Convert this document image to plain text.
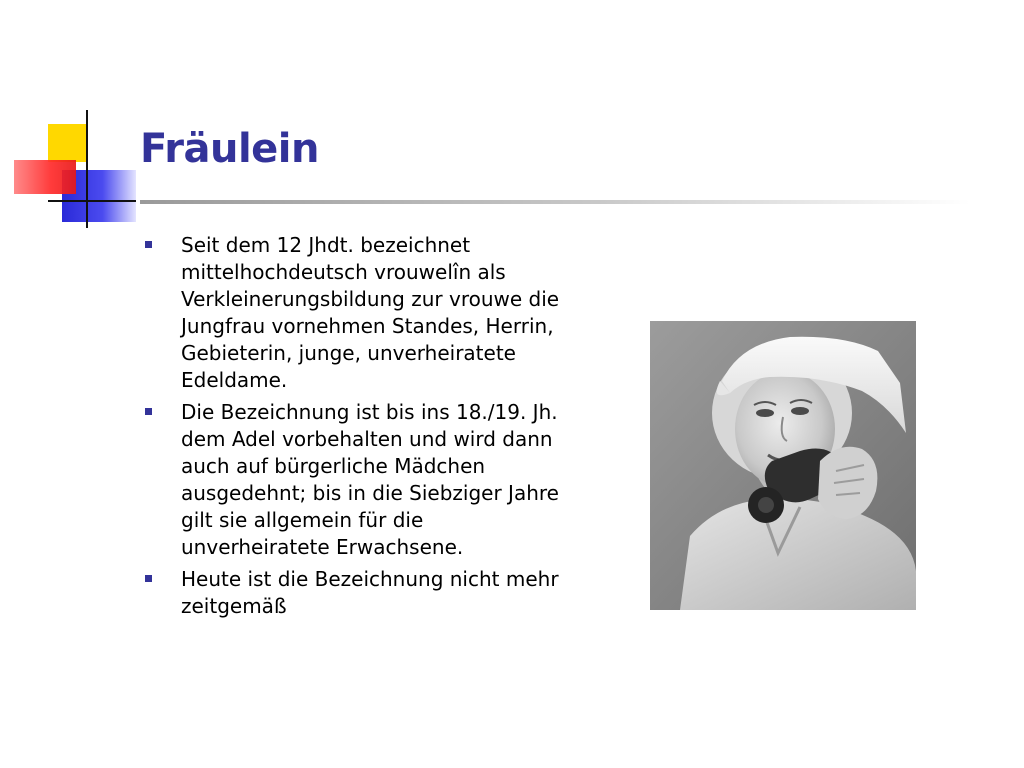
Fräulein
Seit dem 12 Jhdt. bezeichnet mittelhochdeutsch vrouwelîn als Verkleinerungsbildung zur vrouwe die Jungfrau vornehmen Standes, Herrin, Gebieterin, junge, unverheiratete Edeldame.
Die Bezeichnung ist bis ins 18./19. Jh. dem Adel vorbehalten und wird dann auch auf bürgerliche Mädchen ausgedehnt; bis in die Siebziger Jahre gilt sie allgemein für die unverheiratete Erwachsene.
Heute ist die Bezeichnung nicht mehr zeitgemäß
